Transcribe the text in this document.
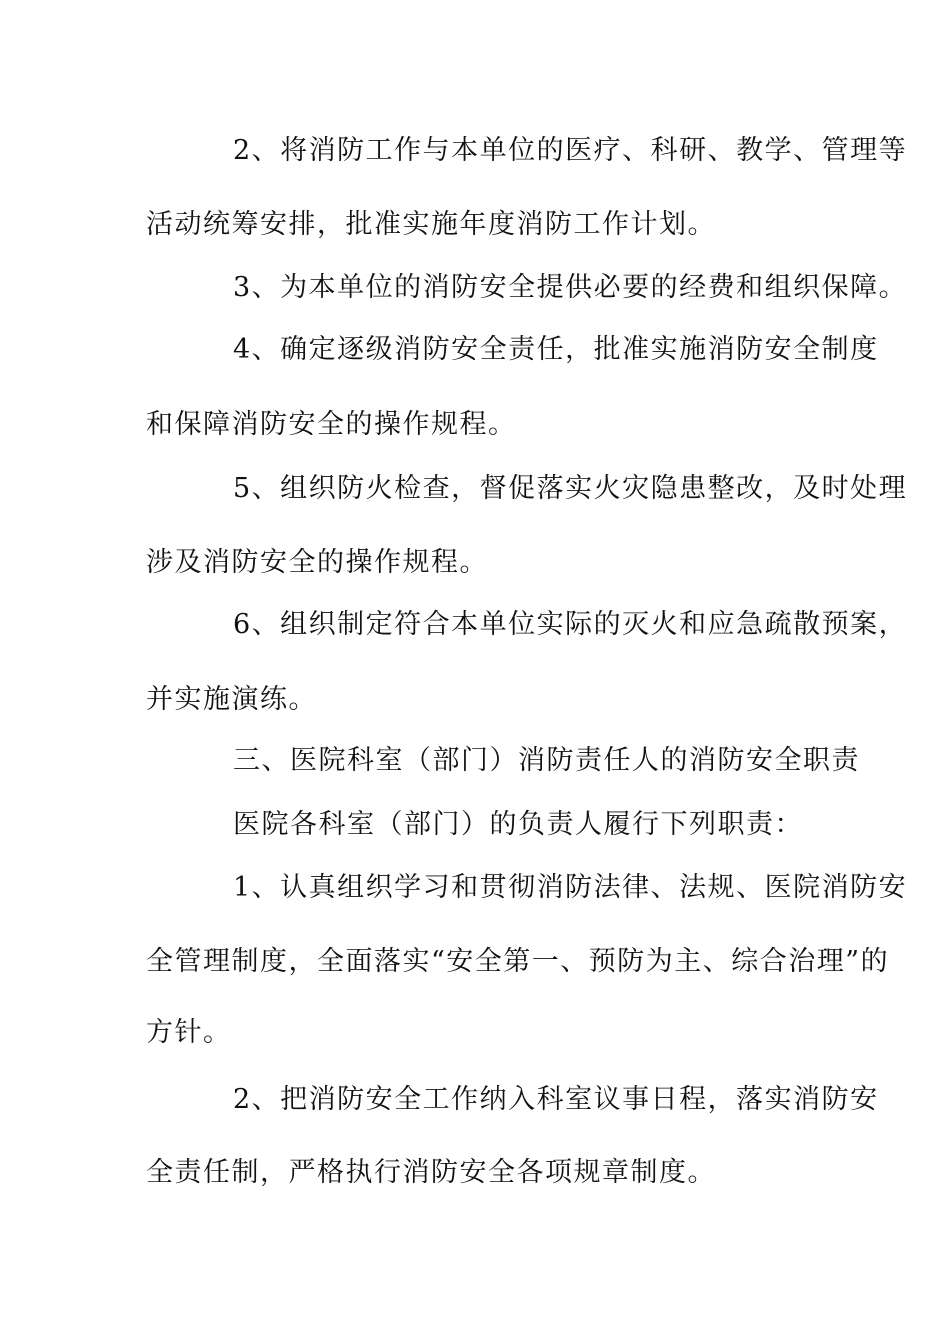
2、将消防工作与本单位的医疗、科研、教学、管理等
活动统筹安排，批准实施年度消防工作计划。
3、为本单位的消防安全提供必要的经费和组织保障。
4、确定逐级消防安全责任，批准实施消防安全制度
和保障消防安全的操作规程。
5、组织防火检查，督促落实火灾隐患整改，及时处理
涉及消防安全的操作规程。
6、组织制定符合本单位实际的灭火和应急疏散预案，
并实施演练。
三、医院科室（部门）消防责任人的消防安全职责
医院各科室（部门）的负责人履行下列职责：
1、认真组织学习和贯彻消防法律、法规、医院消防安
全管理制度，全面落实“安全第一、预防为主、综合治理”的
方针。
2、把消防安全工作纳入科室议事日程，落实消防安
全责任制，严格执行消防安全各项规章制度。
